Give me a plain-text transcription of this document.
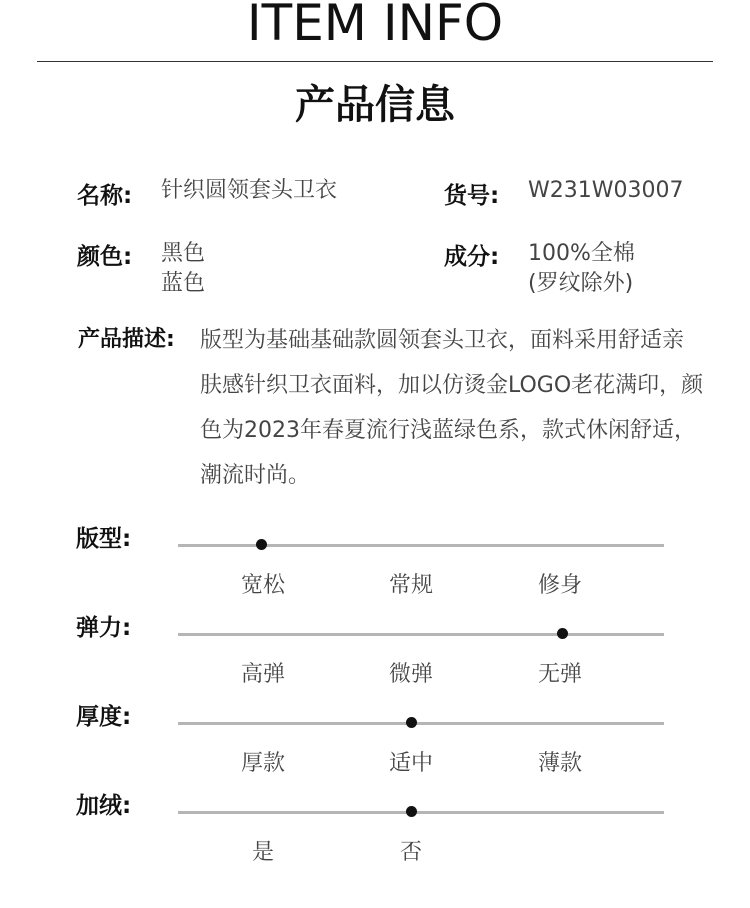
ITEM INFO
产品信息
名称: 针织圆领套头卫衣	货号: W231W03007
颜色: 黑色
蓝色
成分: 100%全棉
(罗纹除外)
产品描述: 版型为基础基础款圆领套头卫衣，面料采用舒适亲肤感针织卫衣面料，加以仿烫金LOGO老花满印，颜色为2023年春夏流行浅蓝绿色系，款式休闲舒适，潮流时尚。
版型:
宽松	常规	修身
弹力:
高弹	微弹	无弹
厚度:
厚款	适中	薄款
加绒:
是	否
